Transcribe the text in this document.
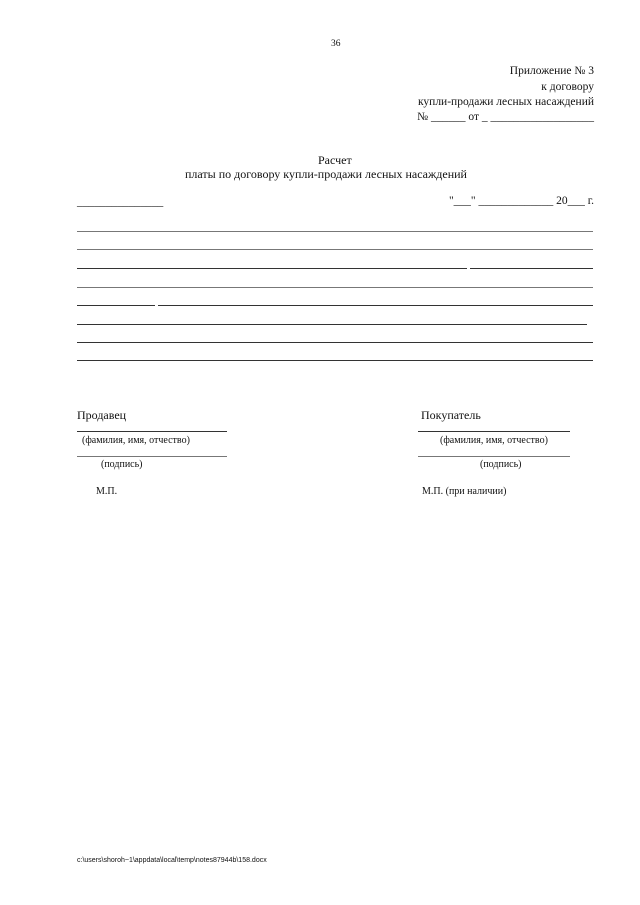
36
Приложение № 3
к договору
купли-продажи лесных насаждений
№ ______ от _ __________________
Расчет
платы по договору купли-продажи лесных насаждений
_______________	"___" _____________ 20___ г.
Продавец
(фамилия, имя, отчество)
(подпись)
М.П.
Покупатель
(фамилия, имя, отчество)
(подпись)
М.П. (при наличии)
c:\users\shoroh~1\appdata\local\temp\notes87944b\158.docx
